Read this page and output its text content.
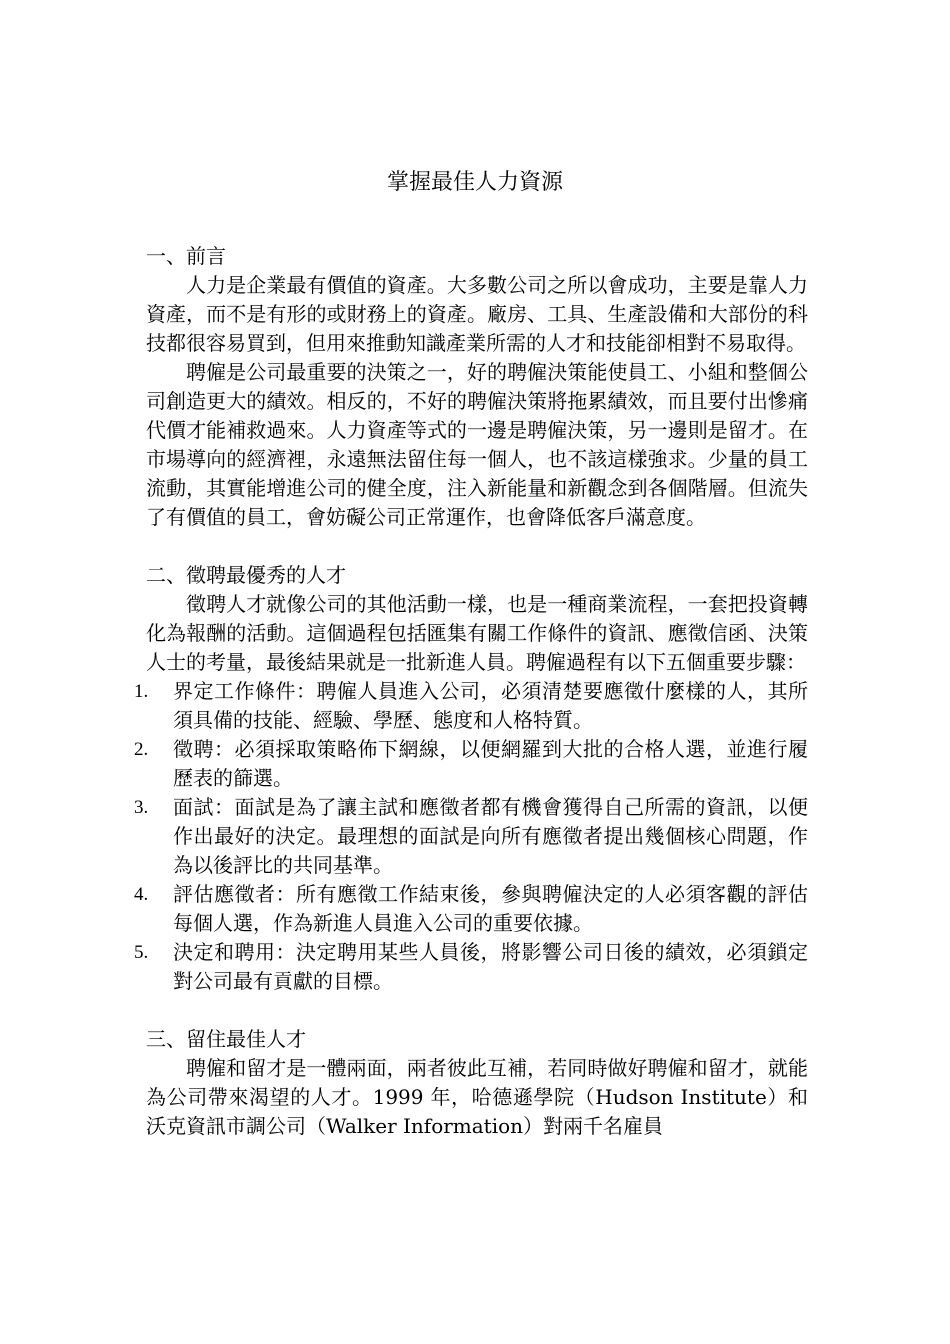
掌握最佳人力資源

一、前言

人力是企業最有價值的資產。大多數公司之所以會成功，主要是靠人力資產，而不是有形的或財務上的資產。廠房、工具、生產設備和大部份的科技都很容易買到，但用來推動知識產業所需的人才和技能卻相對不易取得。

聘僱是公司最重要的決策之一，好的聘僱決策能使員工、小組和整個公司創造更大的績效。相反的，不好的聘僱決策將拖累績效，而且要付出慘痛代價才能補救過來。人力資產等式的一邊是聘僱決策，另一邊則是留才。在市場導向的經濟裡，永遠無法留住每一個人，也不該這樣強求。少量的員工流動，其實能增進公司的健全度，注入新能量和新觀念到各個階層。但流失了有價值的員工，會妨礙公司正常運作，也會降低客戶滿意度。

二、徵聘最優秀的人才

徵聘人才就像公司的其他活動一樣，也是一種商業流程，一套把投資轉化為報酬的活動。這個過程包括匯集有關工作條件的資訊、應徵信函、決策人士的考量，最後結果就是一批新進人員。聘僱過程有以下五個重要步驟：

1. 界定工作條件：聘僱人員進入公司，必須清楚要應徵什麼樣的人，其所須具備的技能、經驗、學歷、態度和人格特質。
2. 徵聘：必須採取策略佈下網線，以便網羅到大批的合格人選，並進行履歷表的篩選。
3. 面試：面試是為了讓主試和應徵者都有機會獲得自己所需的資訊，以便作出最好的決定。最理想的面試是向所有應徵者提出幾個核心問題，作為以後評比的共同基準。
4. 評估應徵者：所有應徵工作結束後，參與聘僱決定的人必須客觀的評估每個人選，作為新進人員進入公司的重要依據。
5. 決定和聘用：決定聘用某些人員後，將影響公司日後的績效，必須鎖定對公司最有貢獻的目標。

三、留住最佳人才

聘僱和留才是一體兩面，兩者彼此互補，若同時做好聘僱和留才，就能為公司帶來渴望的人才。1999 年，哈德遜學院（Hudson Institute）和沃克資訊市調公司（Walker Information）對兩千名雇員
